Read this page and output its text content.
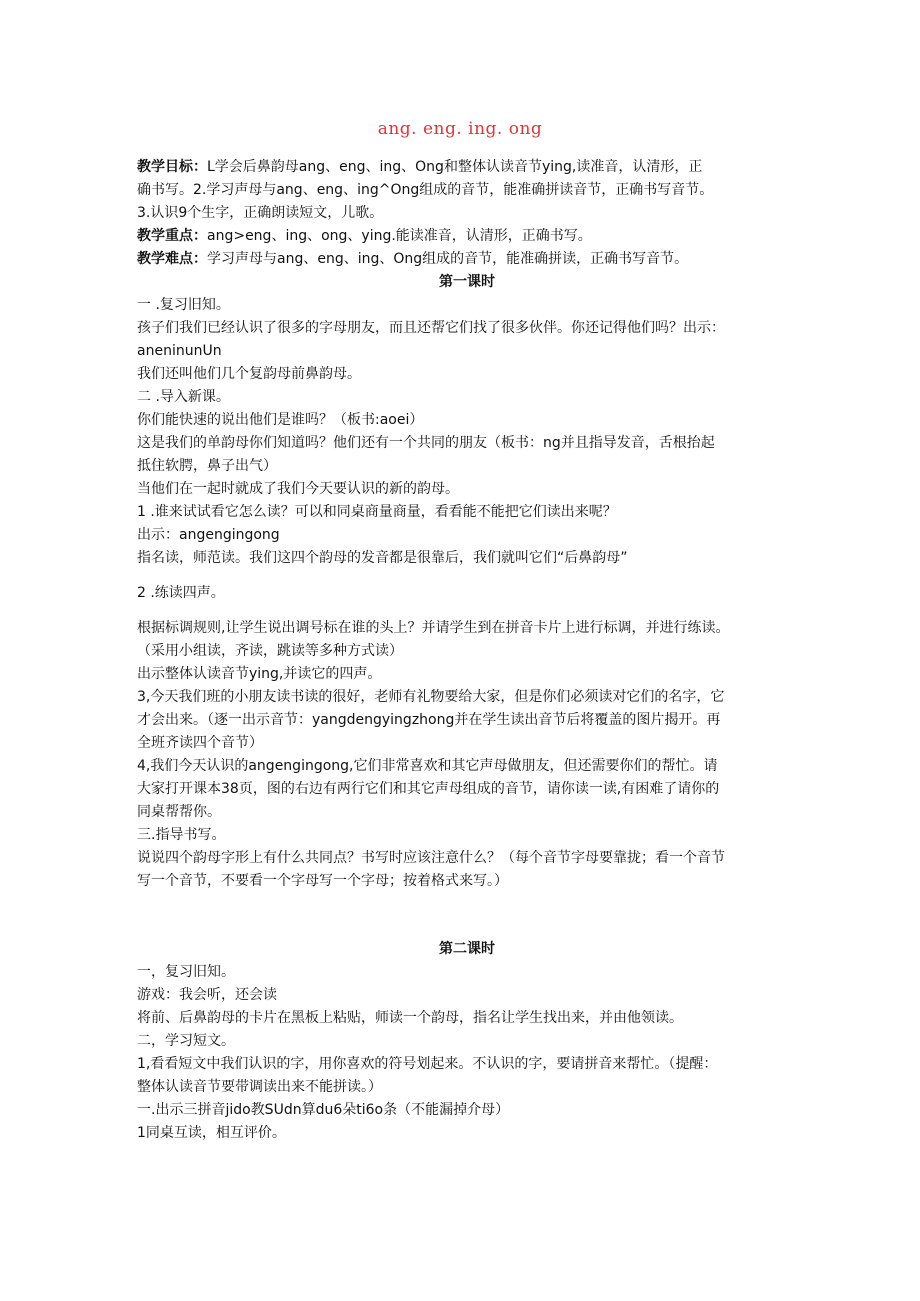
ang. eng. ing. ong
教学目标：L学会后鼻韵母ang、eng、ing、Ong和整体认读音节ying,读准音，认清形，正
确书写。2.学习声母与ang、eng、ing^Ong组成的音节，能准确拼读音节，正确书写音节。
3.认识9个生字，正确朗读短文，儿歌。
教学重点：ang>eng、ing、ong、ying.能读准音，认清形，正确书写。
教学难点：学习声母与ang、eng、ing、Ong组成的音节，能准确拼读，正确书写音节。
第一课时
一 .复习旧知。
孩子们我们已经认识了很多的字母朋友，而且还帮它们找了很多伙伴。你还记得他们吗？出示：
aneninunUn
我们还叫他们几个复韵母前鼻韵母。
二 .导入新课。
你们能快速的说出他们是谁吗？（板书:aoei）
这是我们的单韵母你们知道吗？他们还有一个共同的朋友（板书：ng并且指导发音，舌根抬起
抵住软腭，鼻子出气）
当他们在一起时就成了我们今天要认识的新的韵母。
1 .谁来试试看它怎么读？可以和同桌商量商量，看看能不能把它们读出来呢？
出示：angengingong
指名读，师范读。我们这四个韵母的发音都是很靠后，我们就叫它们“后鼻韵母”
2 .练读四声。
根据标调规则,让学生说出调号标在谁的头上？并请学生到在拼音卡片上进行标调，并进行练读。
（采用小组读，齐读，跳读等多种方式读）
出示整体认读音节ying,并读它的四声。
3,今天我们班的小朋友读书读的很好，老师有礼物要给大家，但是你们必须读对它们的名字，它
才会出来。（逐一出示音节：yangdengyingzhong并在学生读出音节后将覆盖的图片揭开。再
全班齐读四个音节）
4,我们今天认识的angengingong,它们非常喜欢和其它声母做朋友，但还需要你们的帮忙。请
大家打开课本38页，图的右边有两行它们和其它声母组成的音节，请你读一读,有困难了请你的
同桌帮帮你。
三.指导书写。
说说四个韵母字形上有什么共同点？书写时应该注意什么？（每个音节字母要靠拢；看一个音节
写一个音节，不要看一个字母写一个字母；按着格式来写。）
第二课时
一，复习旧知。
游戏：我会听，还会读
将前、后鼻韵母的卡片在黑板上粘贴，师读一个韵母，指名让学生找出来，并由他领读。
二，学习短文。
1,看看短文中我们认识的字，用你喜欢的符号划起来。不认识的字，要请拼音来帮忙。（提醒：
整体认读音节要带调读出来不能拼读。）
一.出示三拼音jido教SUdn算du6朵ti6o条（不能漏掉介母）
1同桌互读，相互评价。
